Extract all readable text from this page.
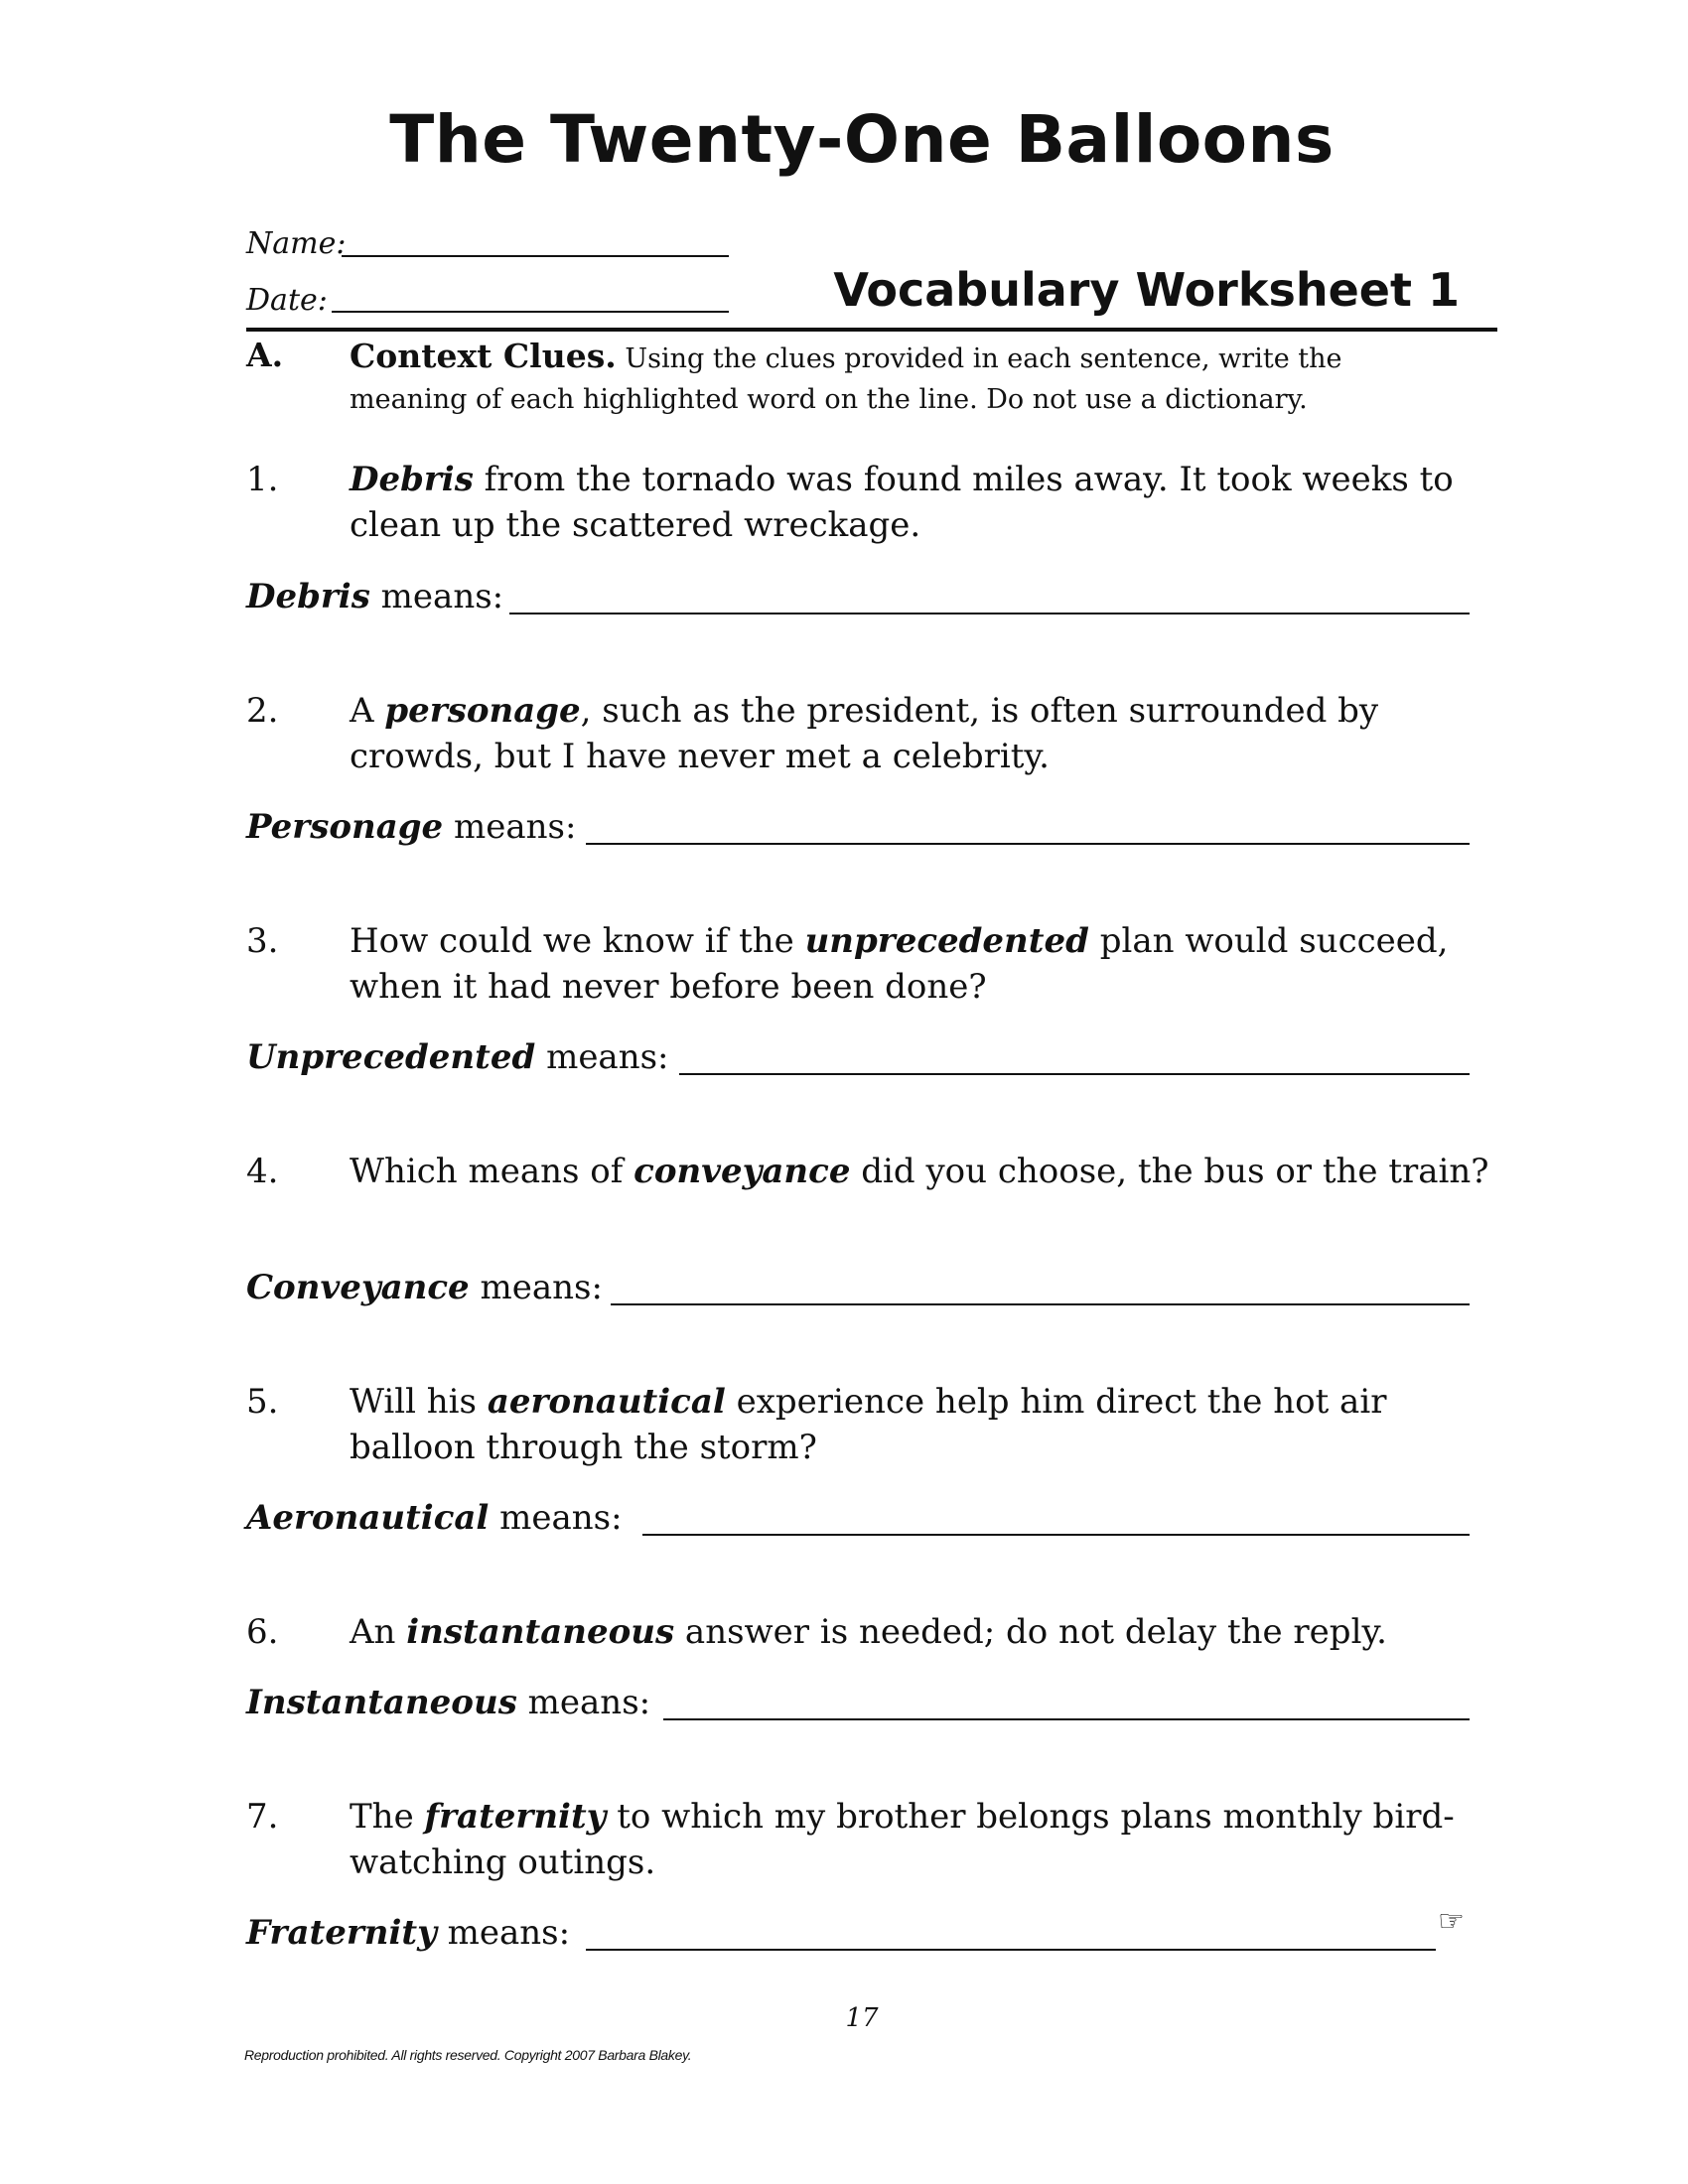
The Twenty-One Balloons
Name:
Date:	Vocabulary Worksheet 1
A. Context Clues. Using the clues provided in each sentence, write the meaning of each highlighted word on the line. Do not use a dictionary.
1. Debris from the tornado was found miles away. It took weeks to clean up the scattered wreckage.
Debris means:
2. A personage, such as the president, is often surrounded by crowds, but I have never met a celebrity.
Personage means:
3. How could we know if the unprecedented plan would succeed, when it had never before been done?
Unprecedented means:
4. Which means of conveyance did you choose, the bus or the train?
Conveyance means:
5. Will his aeronautical experience help him direct the hot air balloon through the storm?
Aeronautical means:
6. An instantaneous answer is needed; do not delay the reply.
Instantaneous means:
7. The fraternity to which my brother belongs plans monthly bird-watching outings.
Fraternity means:	☞
17
Reproduction prohibited. All rights reserved. Copyright 2007 Barbara Blakey.
